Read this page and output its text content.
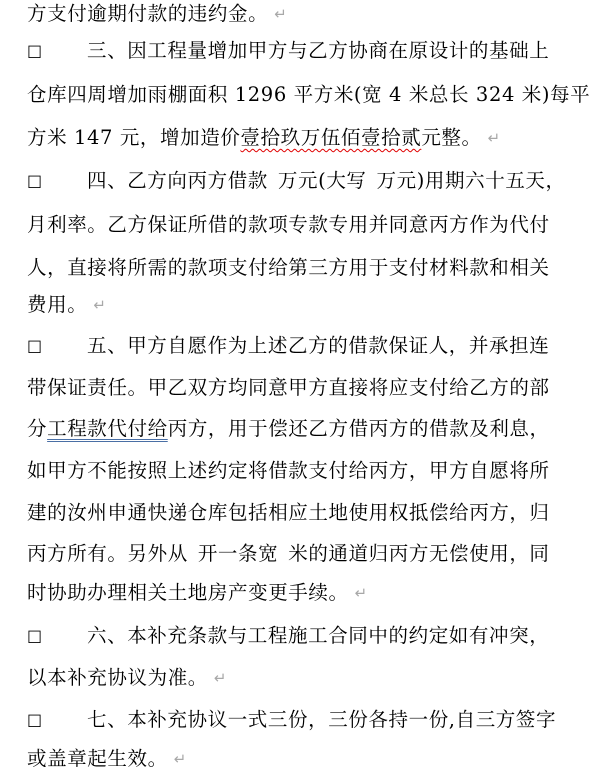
方支付逾期付款的违约金。 ↵
□ 三、因工程量增加甲方与乙方协商在原设计的基础上
仓库四周增加雨棚面积 1296 平方米(宽 4 米总长 324 米)每平
方米 147 元，增加造价壹拾玖万伍佰壹拾贰元整。 ↵
□ 四、乙方向丙方借款 万元(大写 万元)用期六十五天，
月利率。乙方保证所借的款项专款专用并同意丙方作为代付
人，直接将所需的款项支付给第三方用于支付材料款和相关
费用。 ↵
□ 五、甲方自愿作为上述乙方的借款保证人，并承担连
带保证责任。甲乙双方均同意甲方直接将应支付给乙方的部
分工程款代付给丙方，用于偿还乙方借丙方的借款及利息，
如甲方不能按照上述约定将借款支付给丙方，甲方自愿将所
建的汝州申通快递仓库包括相应土地使用权抵偿给丙方，归
丙方所有。另外从 开一条宽 米的通道归丙方无偿使用，同
时协助办理相关土地房产变更手续。 ↵
□ 六、本补充条款与工程施工合同中的约定如有冲突，
以本补充协议为准。 ↵
□ 七、本补充协议一式三份，三份各持一份,自三方签字
或盖章起生效。 ↵
